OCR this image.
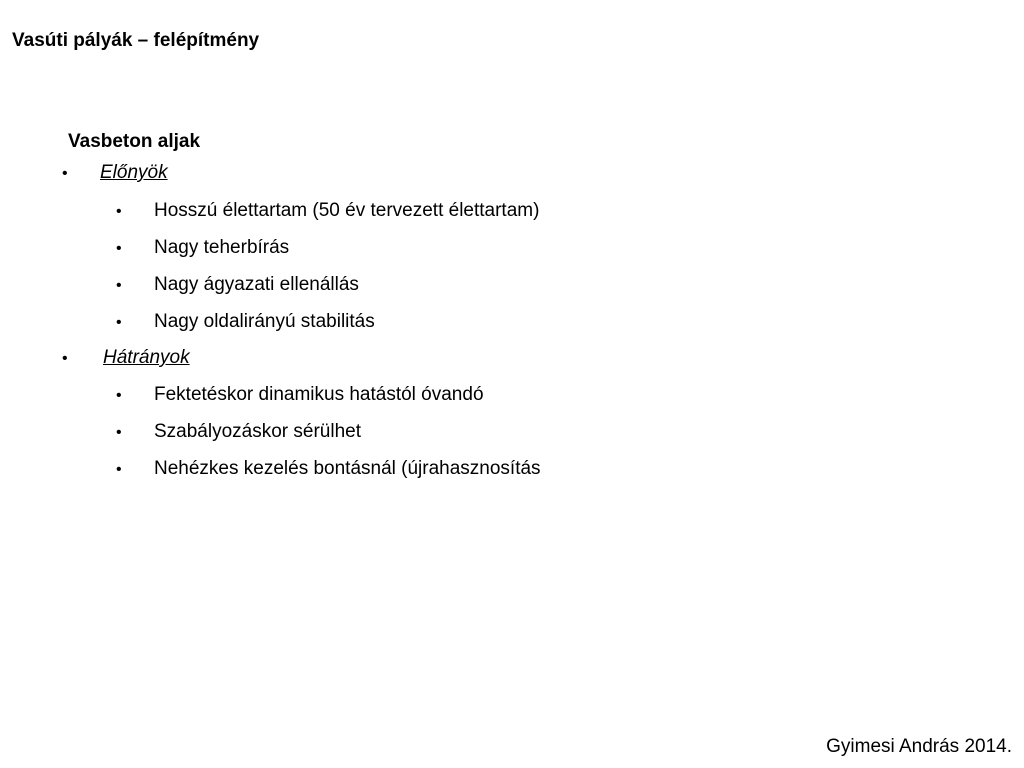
Vasúti pályák – felépítmény
Vasbeton aljak
• Előnyök
• Hosszú élettartam (50 év tervezett élettartam)
• Nagy teherbírás
• Nagy ágyazati ellenállás
• Nagy oldalirányú stabilitás
• Hátrányok
• Fektetéskor dinamikus hatástól óvandó
• Szabályozáskor sérülhet
• Nehézkes kezelés bontásnál (újrahasznosítás
Gyimesi András 2014.
